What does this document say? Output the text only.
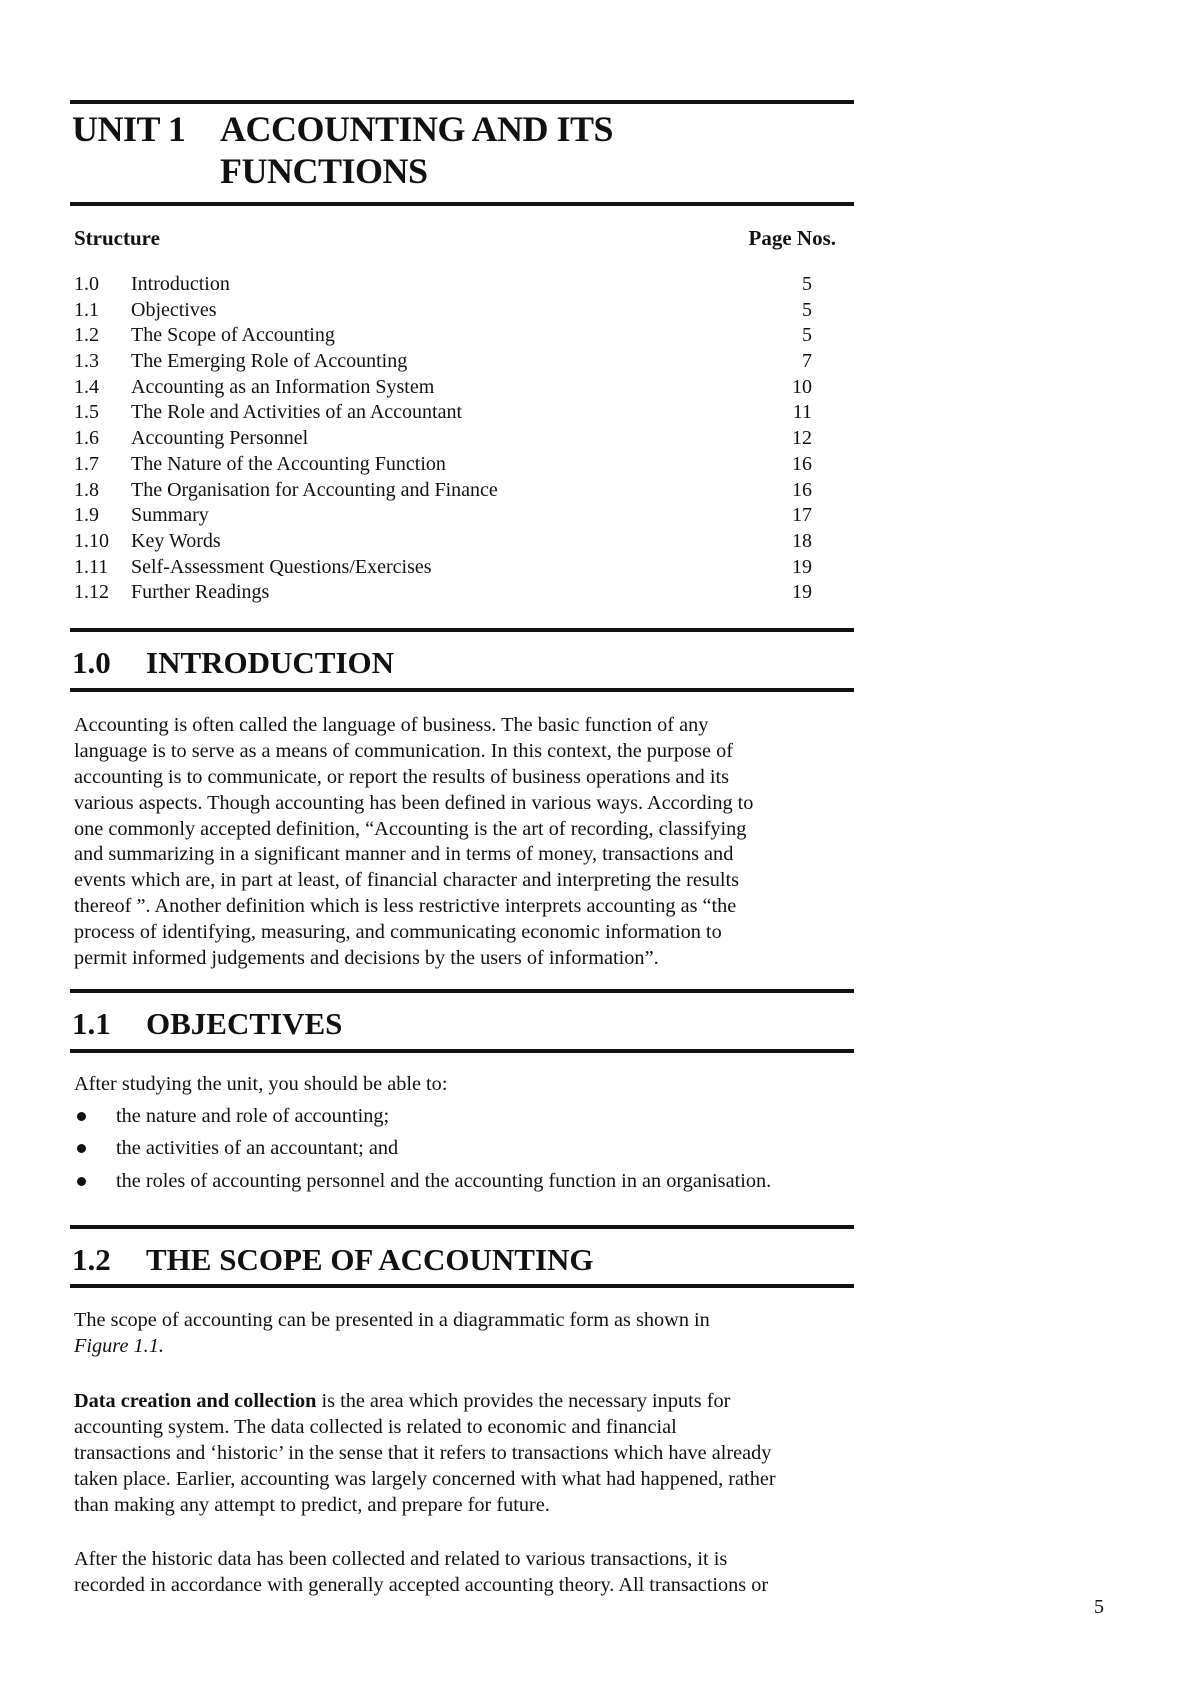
UNIT 1 ACCOUNTING AND ITS
FUNCTIONS
Structure	Page Nos.
1.0 Introduction	5
1.1 Objectives	5
1.2 The Scope of Accounting	5
1.3 The Emerging Role of Accounting	7
1.4 Accounting as an Information System	10
1.5 The Role and Activities of an Accountant	11
1.6 Accounting Personnel	12
1.7 The Nature of the Accounting Function	16
1.8 The Organisation for Accounting and Finance	16
1.9 Summary	17
1.10 Key Words	18
1.11 Self-Assessment Questions/Exercises	19
1.12 Further Readings	19
1.0 INTRODUCTION
Accounting is often called the language of business. The basic function of any
language is to serve as a means of communication. In this context, the purpose of
accounting is to communicate, or report the results of business operations and its
various aspects. Though accounting has been defined in various ways. According to
one commonly accepted definition, “Accounting is the art of recording, classifying
and summarizing in a significant manner and in terms of money, transactions and
events which are, in part at least, of financial character and interpreting the results
thereof ”. Another definition which is less restrictive interprets accounting as “the
process of identifying, measuring, and communicating economic information to
permit informed judgements and decisions by the users of information”.
1.1 OBJECTIVES
After studying the unit, you should be able to:
the nature and role of accounting;
the activities of an accountant; and
the roles of accounting personnel and the accounting function in an organisation.
1.2 THE SCOPE OF ACCOUNTING
The scope of accounting can be presented in a diagrammatic form as shown in
Figure 1.1.
Data creation and collection is the area which provides the necessary inputs for
accounting system. The data collected is related to economic and financial
transactions and ‘historic’ in the sense that it refers to transactions which have already
taken place. Earlier, accounting was largely concerned with what had happened, rather
than making any attempt to predict, and prepare for future.
After the historic data has been collected and related to various transactions, it is
recorded in accordance with generally accepted accounting theory. All transactions or
5
